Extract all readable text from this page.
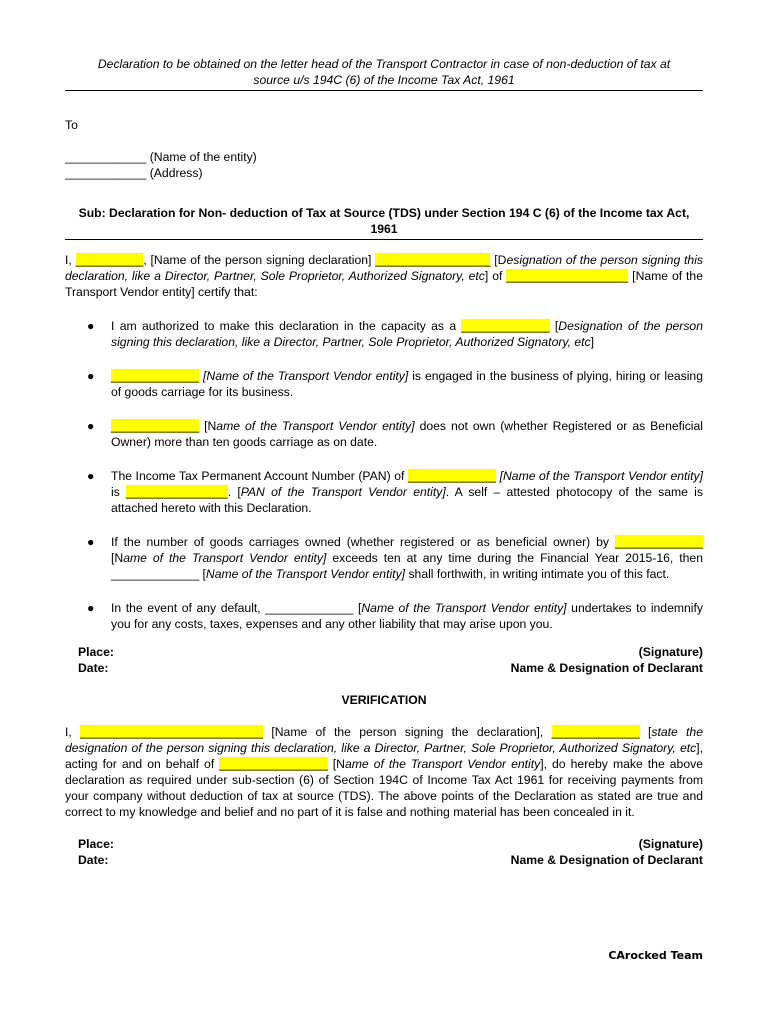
Declaration to be obtained on the letter head of the Transport Contractor in case of non-deduction of tax at
source u/s 194C (6) of the Income Tax Act, 1961
To
____________ (Name of the entity)
____________ (Address)
Sub: Declaration for Non- deduction of Tax at Source (TDS) under Section 194 C (6) of the Income tax Act, 1961
I, __________, [Name of the person signing declaration] _________________ [Designation of the person signing this declaration, like a Director, Partner, Sole Proprietor, Authorized Signatory, etc] of __________________ [Name of the Transport Vendor entity] certify that:
● I am authorized to make this declaration in the capacity as a _____________ [Designation of the person signing this declaration, like a Director, Partner, Sole Proprietor, Authorized Signatory, etc]
● _____________ [Name of the Transport Vendor entity] is engaged in the business of plying, hiring or leasing of goods carriage for its business.
● _____________ [Name of the Transport Vendor entity] does not own (whether Registered or as Beneficial Owner) more than ten goods carriage as on date.
● The Income Tax Permanent Account Number (PAN) of _____________ [Name of the Transport Vendor entity] is _______________. [PAN of the Transport Vendor entity]. A self – attested photocopy of the same is attached hereto with this Declaration.
● If the number of goods carriages owned (whether registered or as beneficial owner) by _____________ [Name of the Transport Vendor entity] exceeds ten at any time during the Financial Year 2015-16, then _____________ [Name of the Transport Vendor entity] shall forthwith, in writing intimate you of this fact.
● In the event of any default, _____________ [Name of the Transport Vendor entity] undertakes to indemnify you for any costs, taxes, expenses and any other liability that may arise upon you.
Place:	(Signature)
Date:	Name & Designation of Declarant
VERIFICATION
I, ___________________________ [Name of the person signing the declaration], _____________ [state the designation of the person signing this declaration, like a Director, Partner, Sole Proprietor, Authorized Signatory, etc], acting for and on behalf of ________________ [Name of the Transport Vendor entity], do hereby make the above declaration as required under sub-section (6) of Section 194C of Income Tax Act 1961 for receiving payments from your company without deduction of tax at source (TDS). The above points of the Declaration as stated are true and correct to my knowledge and belief and no part of it is false and nothing material has been concealed in it.
Place:	(Signature)
Date:	Name & Designation of Declarant
CArocked Team
